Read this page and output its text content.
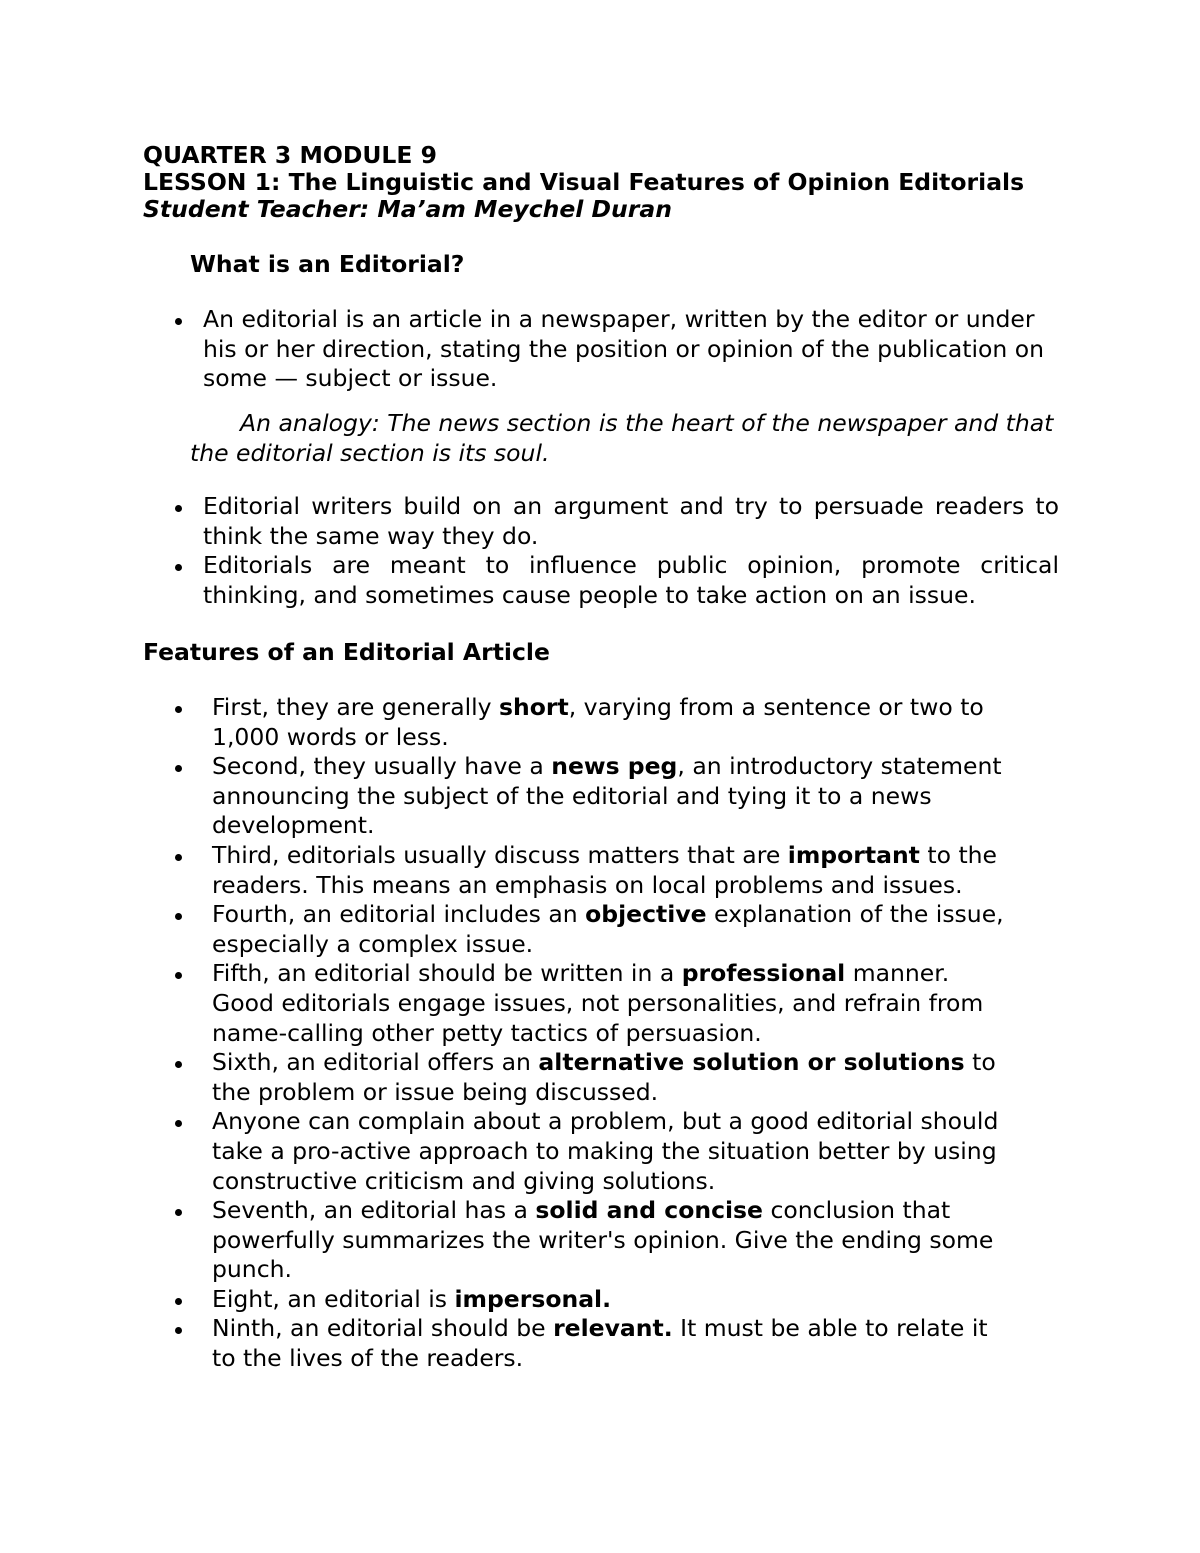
QUARTER 3 MODULE 9
LESSON 1: The Linguistic and Visual Features of Opinion Editorials
Student Teacher: Ma’am Meychel Duran
What is an Editorial?
An editorial is an article in a newspaper, written by the editor or under his or her direction, stating the position or opinion of the publication on some — subject or issue.
An analogy: The news section is the heart of the newspaper and that the editorial section is its soul.
Editorial writers build on an argument and try to persuade readers to think the same way they do.
Editorials are meant to influence public opinion, promote critical thinking, and sometimes cause people to take action on an issue.
Features of an Editorial Article
First, they are generally short, varying from a sentence or two to 1,000 words or less.
Second, they usually have a news peg, an introductory statement announcing the subject of the editorial and tying it to a news development.
Third, editorials usually discuss matters that are important to the readers. This means an emphasis on local problems and issues.
Fourth, an editorial includes an objective explanation of the issue, especially a complex issue.
Fifth, an editorial should be written in a professional manner. Good editorials engage issues, not personalities, and refrain from name-calling other petty tactics of persuasion.
Sixth, an editorial offers an alternative solution or solutions to the problem or issue being discussed.
Anyone can complain about a problem, but a good editorial should take a pro-active approach to making the situation better by using constructive criticism and giving solutions.
Seventh, an editorial has a solid and concise conclusion that powerfully summarizes the writer's opinion. Give the ending some punch.
Eight, an editorial is impersonal.
Ninth, an editorial should be relevant. It must be able to relate it to the lives of the readers.
